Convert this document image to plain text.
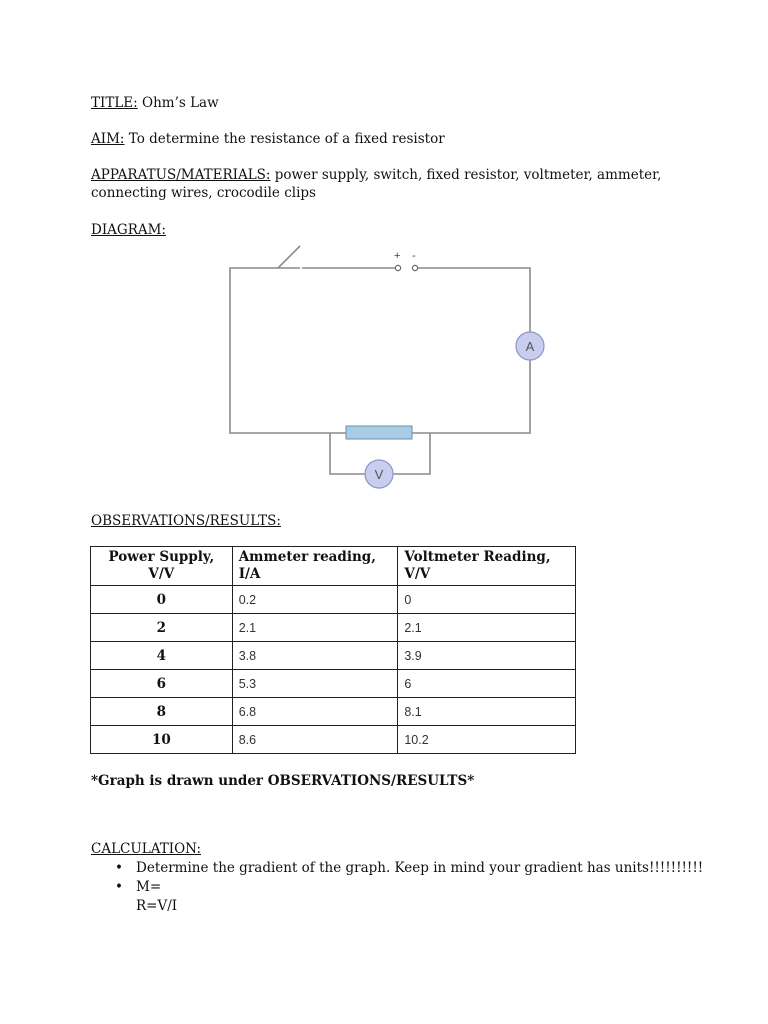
TITLE: Ohm’s Law
AIM: To determine the resistance of a fixed resistor
APPARATUS/MATERIALS: power supply, switch, fixed resistor, voltmeter, ammeter,
connecting wires, crocodile clips
DIAGRAM:
+ -
A
V
OBSERVATIONS/RESULTS:
Power Supply, V/V	Ammeter reading, I/A	Voltmeter Reading, V/V
0	0.2	0
2	2.1	2.1
4	3.8	3.9
6	5.3	6
8	6.8	8.1
10	8.6	10.2
*Graph is drawn under OBSERVATIONS/RESULTS*
CALCULATION:
• Determine the gradient of the graph. Keep in mind your gradient has units!!!!!!!!!!
• M=
R=V/I
